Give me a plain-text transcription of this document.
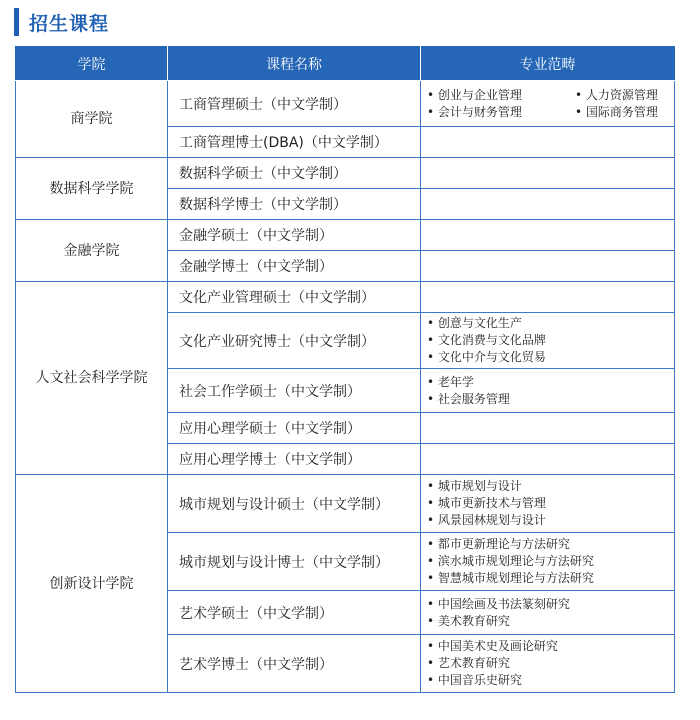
招生课程
学院	课程名称	专业范畴
商学院	工商管理硕士（中文学制）	• 创业与企业管理 • 人力资源管理
• 会计与财务管理 • 国际商务管理

	工商管理博士(DBA)（中文学制）	
数据科学学院	数据科学硕士（中文学制）	
	数据科学博士（中文学制）	
金融学院	金融学硕士（中文学制）	
	金融学博士（中文学制）	
人文社会科学学院	文化产业管理硕士（中文学制）	
	文化产业研究博士（中文学制）	• 创意与文化生产
• 文化消费与文化品牌
• 文化中介与文化贸易

	社会工作学硕士（中文学制）	• 老年学
• 社会服务管理

	应用心理学硕士（中文学制）	
	应用心理学博士（中文学制）	
创新设计学院	城市规划与设计硕士（中文学制）	• 城市规划与设计
• 城市更新技术与管理
• 风景园林规划与设计

	城市规划与设计博士（中文学制）	• 都市更新理论与方法研究
• 滨水城市规划理论与方法研究
• 智慧城市规划理论与方法研究

	艺术学硕士（中文学制）	• 中国绘画及书法篆刻研究
• 美术教育研究

	艺术学博士（中文学制）	• 中国美术史及画论研究
• 艺术教育研究
• 中国音乐史研究
